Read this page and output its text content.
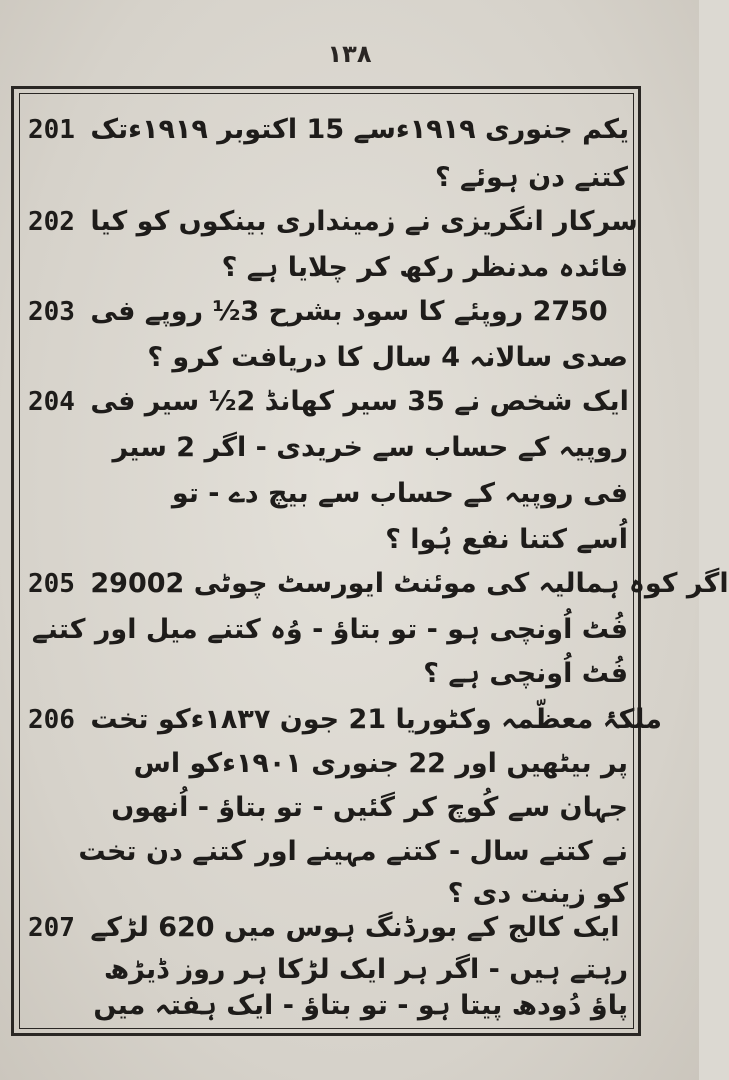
۱۳۸
201 یکم جنوری ۱۹۱۹ءسے 15 اکتوبر ۱۹۱۹ءتک
کتنے دن ہوئے ؟
202 سرکار انگریزی نے زمینداری بینکوں کو کیا
فائدہ مدنظر رکھ کر چلایا ہے ؟
203 2750 روپئے کا سود بشرح 3½ روپے فی
صدی سالانہ 4 سال کا دریافت کرو ؟
204 ایک شخص نے 35 سیر کھانڈ 2½ سیر فی
روپیہ کے حساب سے خریدی - اگر 2 سیر
فی روپیہ کے حساب سے بیچ دے - تو
اُسے کتنا نفع ہُوا ؟
205 اگر کوہ ہمالیہ کی موئنٹ ایورسٹ چوٹی 29002
فُٹ اُونچی ہو - تو بتاؤ - وُہ کتنے میل اور کتنے
فُٹ اُونچی ہے ؟
206 ملکۂ معظّمہ وکٹوریا 21 جون ۱۸۳۷ءکو تخت
پر بیٹھیں اور 22 جنوری ۱۹۰۱ءکو اس
جہان سے کُوچ کر گئیں - تو بتاؤ - اُنھوں
نے کتنے سال - کتنے مہینے اور کتنے دن تخت
کو زینت دی ؟
207 ایک کالج کے بورڈنگ ہوس میں 620 لڑکے
رہتے ہیں - اگر ہر ایک لڑکا ہر روز ڈیڑھ
پاؤ دُودھ پیتا ہو - تو بتاؤ - ایک ہفتہ میں
